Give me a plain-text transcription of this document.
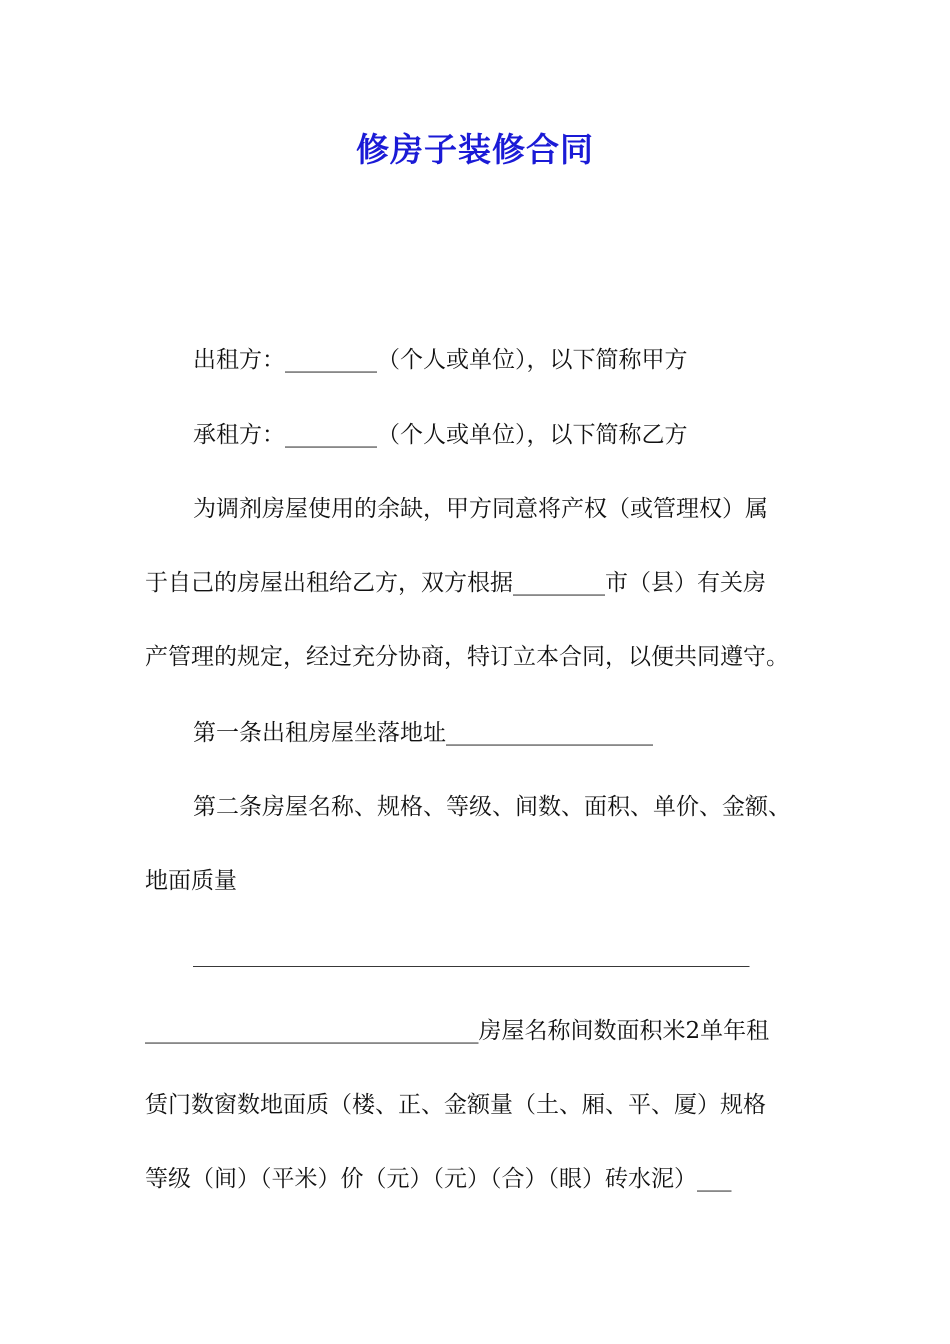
修房子装修合同

出租方：________（个人或单位），以下简称甲方

承租方：________（个人或单位），以下简称乙方

为调剂房屋使用的余缺，甲方同意将产权（或管理权）属

于自己的房屋出租给乙方，双方根据________市（县）有关房

产管理的规定，经过充分协商，特订立本合同，以便共同遵守。

第一条出租房屋坐落地址__________________

第二条房屋名称、规格、等级、间数、面积、单价、金额、

地面质量

_____________________________________________________

_____________________________房屋名称间数面积米2单年租

赁门数窗数地面质（楼、正、金额量（土、厢、平、厦）规格

等级（间）（平米）价（元）（元）（合）（眼）砖水泥）___
